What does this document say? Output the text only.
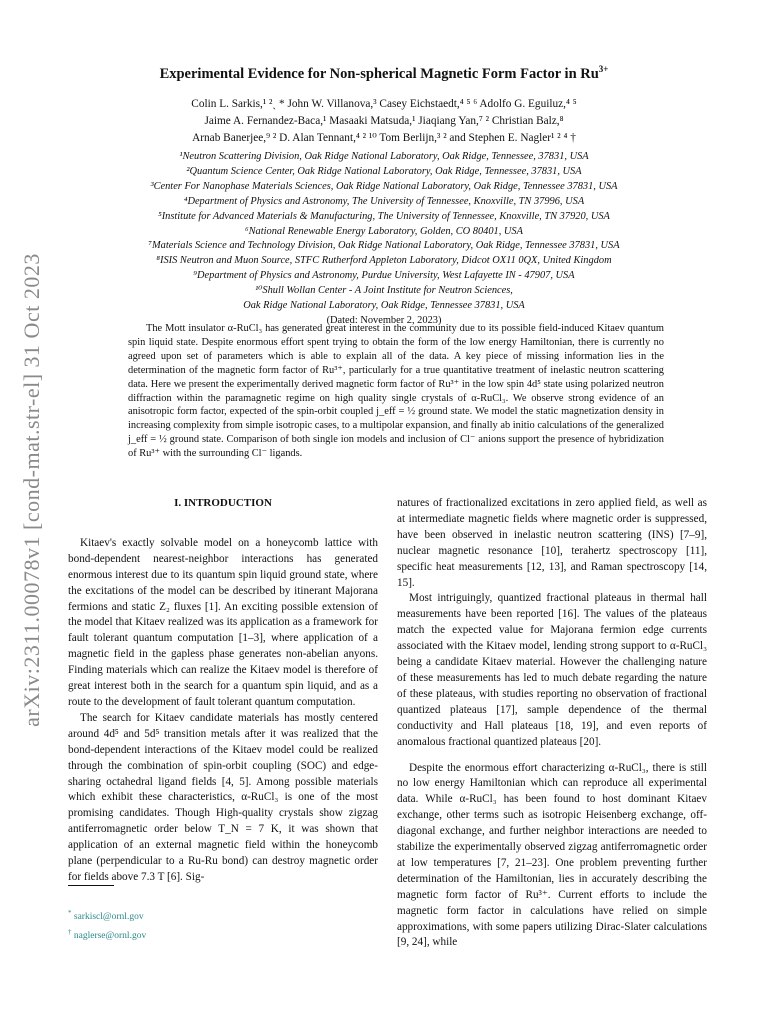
arXiv:2311.00078v1 [cond-mat.str-el] 31 Oct 2023
Experimental Evidence for Non-spherical Magnetic Form Factor in $Ru^{3+}$
Colin L. Sarkis,¹ ²ˏ * John W. Villanova,³ Casey Eichstaedt,⁴ ⁵ ⁶ Adolfo G. Eguiluz,⁴ ⁵
Jaime A. Fernandez-Baca,¹ Masaaki Matsuda,¹ Jiaqiang Yan,⁷ ² Christian Balz,⁸
Arnab Banerjee,⁹ ² D. Alan Tennant,⁴ ² ¹⁰ Tom Berlijn,³ ² and Stephen E. Nagler¹ ² ⁴ †
¹Neutron Scattering Division, Oak Ridge National Laboratory, Oak Ridge, Tennessee, 37831, USA
²Quantum Science Center, Oak Ridge National Laboratory, Oak Ridge, Tennessee, 37831, USA
³Center For Nanophase Materials Sciences, Oak Ridge National Laboratory, Oak Ridge, Tennessee 37831, USA
⁴Department of Physics and Astronomy, The University of Tennessee, Knoxville, TN 37996, USA
⁵Institute for Advanced Materials & Manufacturing, The University of Tennessee, Knoxville, TN 37920, USA
⁶National Renewable Energy Laboratory, Golden, CO 80401, USA
⁷Materials Science and Technology Division, Oak Ridge National Laboratory, Oak Ridge, Tennessee 37831, USA
⁸ISIS Neutron and Muon Source, STFC Rutherford Appleton Laboratory, Didcot OX11 0QX, United Kingdom
⁹Department of Physics and Astronomy, Purdue University, West Lafayette IN - 47907, USA
¹⁰Shull Wollan Center - A Joint Institute for Neutron Sciences,
Oak Ridge National Laboratory, Oak Ridge, Tennessee 37831, USA
(Dated: November 2, 2023)
The Mott insulator α-RuCl₃ has generated great interest in the community due to its possible field-induced Kitaev quantum spin liquid state. Despite enormous effort spent trying to obtain the form of the low energy Hamiltonian, there is currently no agreed upon set of parameters which is able to explain all of the data. A key piece of missing information lies in the determination of the magnetic form factor of Ru³⁺, particularly for a true quantitative treatment of inelastic neutron scattering data. Here we present the experimentally derived magnetic form factor of Ru³⁺ in the low spin 4d⁵ state using polarized neutron diffraction within the paramagnetic regime on high quality single crystals of α-RuCl₃. We observe strong evidence of an anisotropic form factor, expected of the spin-orbit coupled j_eff = ½ ground state. We model the static magnetization density in increasing complexity from simple isotropic cases, to a multipolar expansion, and finally ab initio calculations of the generalized j_eff = ½ ground state. Comparison of both single ion models and inclusion of Cl⁻ anions support the presence of hybridization of Ru³⁺ with the surrounding Cl⁻ ligands.
I. INTRODUCTION

Kitaev's exactly solvable model on a honeycomb lattice with bond-dependent nearest-neighbor interactions has generated enormous interest due to its quantum spin liquid ground state, where the excitations of the model can be described by itinerant Majorana fermions and static Z₂ fluxes [1]. An exciting possible extension of the model that Kitaev realized was its application as a framework for fault tolerant quantum computation [1–3], where application of a magnetic field in the gapless phase generates non-abelian anyons. Finding materials which can realize the Kitaev model is therefore of great interest both in the search for a quantum spin liquid, and as a route to the development of fault tolerant quantum computation.

The search for Kitaev candidate materials has mostly centered around 4d⁵ and 5d⁵ transition metals after it was realized that the bond-dependent interactions of the Kitaev model could be realized through the combination of spin-orbit coupling (SOC) and edge-sharing octahedral ligand fields [4, 5]. Among possible materials which exhibit these characteristics, α-RuCl₃ is one of the most promising candidates. Though High-quality crystals show zigzag antiferromagnetic order below T_N = 7 K, it was shown that application of an external magnetic field within the honeycomb plane (perpendicular to a Ru-Ru bond) can destroy magnetic order for fields above 7.3 T [6]. Sig-

natures of fractionalized excitations in zero applied field, as well as at intermediate magnetic fields where magnetic order is suppressed, have been observed in inelastic neutron scattering (INS) [7–9], nuclear magnetic resonance [10], terahertz spectroscopy [11], specific heat measurements [12, 13], and Raman spectroscopy [14, 15].

Most intriguingly, quantized fractional plateaus in thermal hall measurements have been reported [16]. The values of the plateaus match the expected value for Majorana fermion edge currents associated with the Kitaev model, lending strong support to α-RuCl₃ being a candidate Kitaev material. However the challenging nature of these measurements has led to much debate regarding the nature of these plateaus, with studies reporting no observation of fractional quantized plateaus [17], sample dependence of the thermal conductivity and Hall plateaus [18, 19], and even reports of anomalous fractional quantized plateaus [20].

Despite the enormous effort characterizing α-RuCl₃, there is still no low energy Hamiltonian which can reproduce all experimental data. While α-RuCl₃ has been found to host dominant Kitaev exchange, other terms such as isotropic Heisenberg exchange, off-diagonal exchange, and further neighbor interactions are needed to stabilize the experimentally observed zigzag antiferromagnetic order at low temperatures [7, 21–23]. One problem preventing further determination of the Hamiltonian, lies in accurately describing the magnetic form factor of Ru³⁺. Current efforts to include the magnetic form factor in calculations have relied on simple approximations, with some papers utilizing Dirac-Slater calculations [9, 24], while

* sarkiscl@ornl.gov
† naglerse@ornl.gov
